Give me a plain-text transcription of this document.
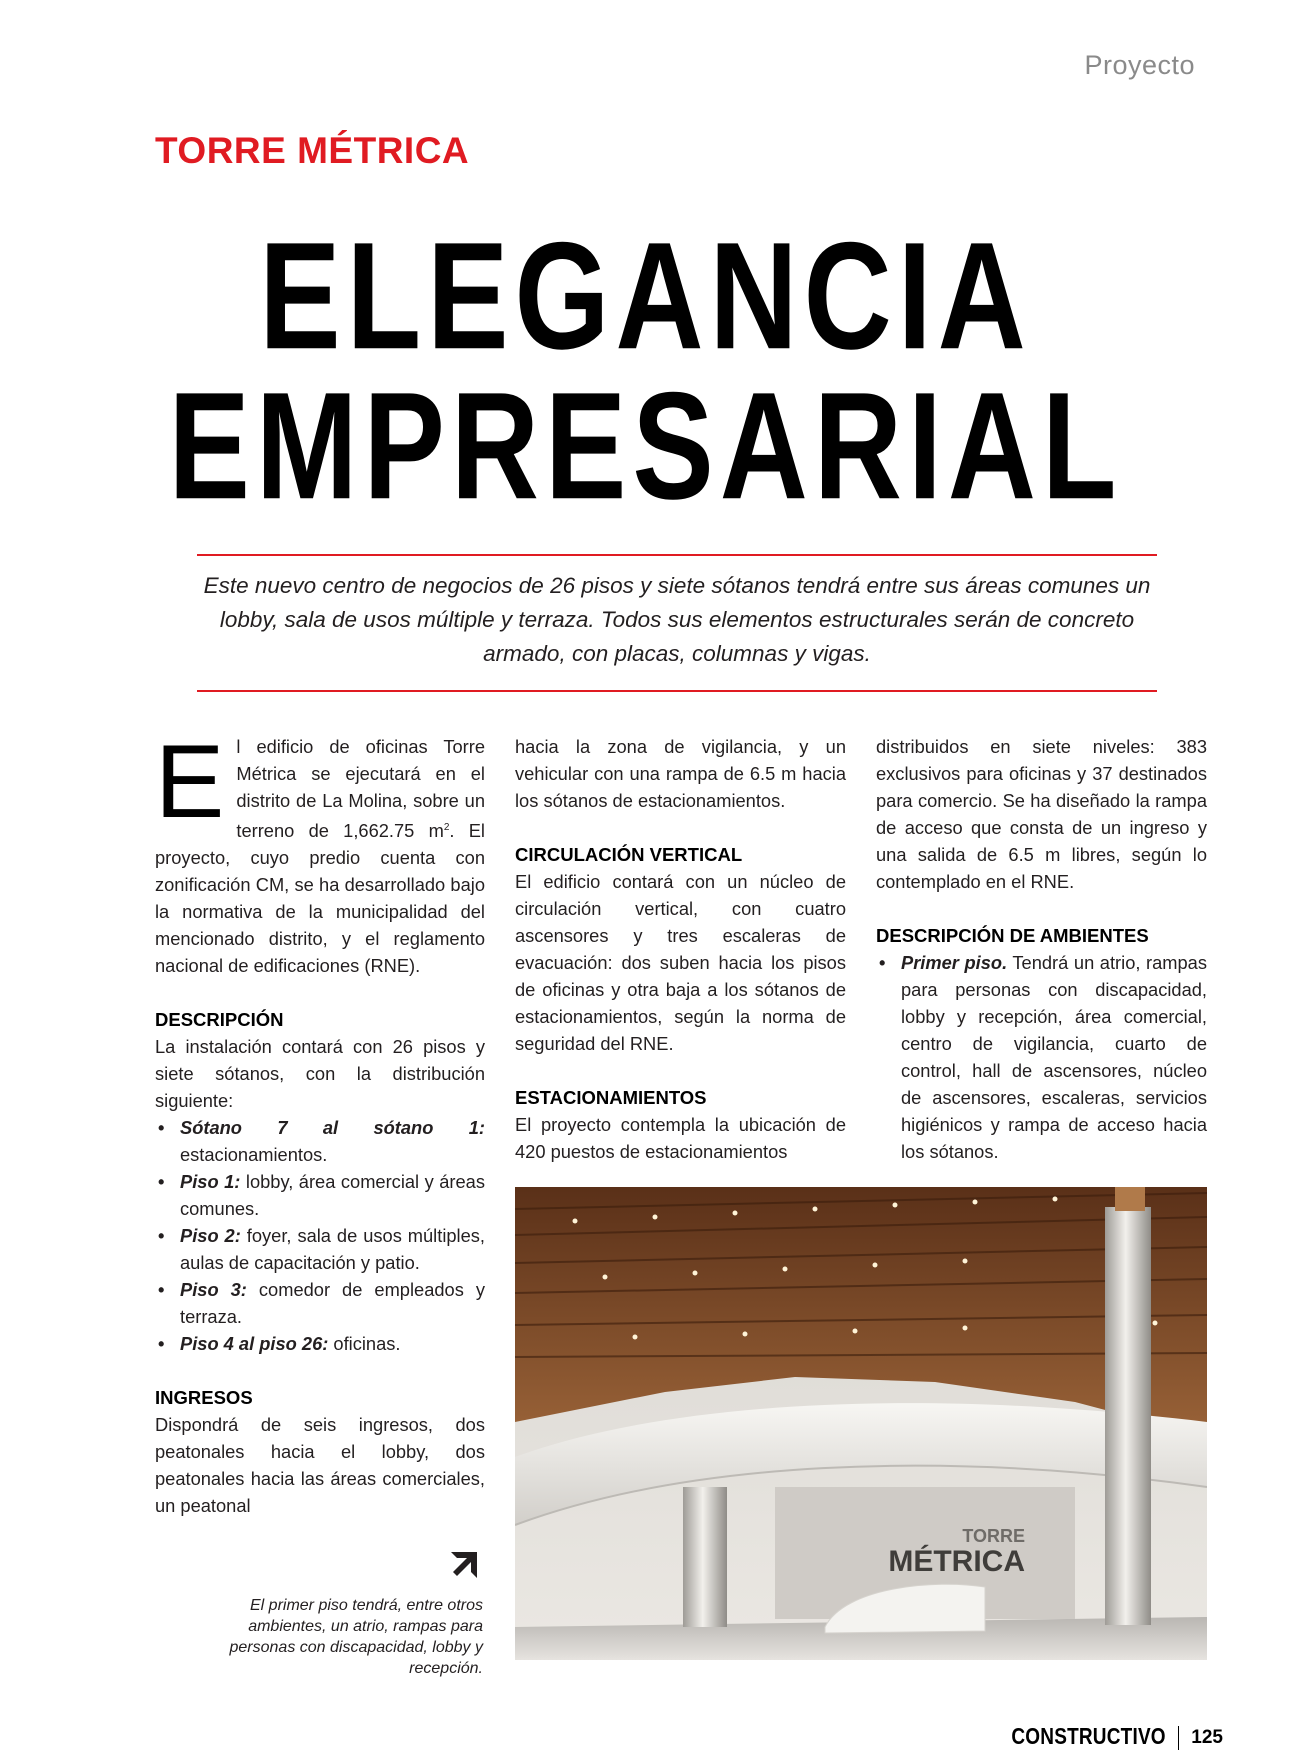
Proyecto
TORRE MÉTRICA
ELEGANCIA
EMPRESARIAL
Este nuevo centro de negocios de 26 pisos y siete sótanos tendrá entre sus áreas comunes un lobby, sala de usos múltiple y terraza. Todos sus elementos estructurales serán de concreto armado, con placas, columnas y vigas.

El edificio de oficinas Torre Métrica se ejecutará en el distrito de La Molina, sobre un terreno de 1,662.75 $m^2$. El proyecto, cuyo predio cuenta con zonificación CM, se ha desarrollado bajo la normativa de la municipalidad del mencionado distrito, y el reglamento nacional de edificaciones (RNE).

DESCRIPCIÓN

La instalación contará con 26 pisos y siete sótanos, con la distribución siguiente:

• Sótano 7 al sótano 1: estacionamientos.
• Piso 1: lobby, área comercial y áreas comunes.
• Piso 2: foyer, sala de usos múltiples, aulas de capacitación y patio.
• Piso 3: comedor de empleados y terraza.
• Piso 4 al piso 26: oficinas.
INGRESOS

Dispondrá de seis ingresos, dos peatonales hacia el lobby, dos peatonales hacia las áreas comerciales, un peatonal

hacia la zona de vigilancia, y un vehicular con una rampa de 6.5 m hacia los sótanos de estacionamientos.

CIRCULACIÓN VERTICAL

El edificio contará con un núcleo de circulación vertical, con cuatro ascensores y tres escaleras de evacuación: dos suben hacia los pisos de oficinas y otra baja a los sótanos de estacionamientos, según la norma de seguridad del RNE.

ESTACIONAMIENTOS

El proyecto contempla la ubicación de 420 puestos de estacionamientos

distribuidos en siete niveles: 383 exclusivos para oficinas y 37 destinados para comercio. Se ha diseñado la rampa de acceso que consta de un ingreso y una salida de 6.5 m libres, según lo contemplado en el RNE.

DESCRIPCIÓN DE AMBIENTES
• Primer piso. Tendrá un atrio, rampas para personas con discapacidad, lobby y recepción, área comercial, centro de vigilancia, cuarto de control, hall de ascensores, núcleo de ascensores, escaleras, servicios higiénicos y rampa de acceso hacia los sótanos.
TORRE
MÉTRICA
El primer piso tendrá, entre otros ambientes, un atrio, rampas para personas con discapacidad, lobby y recepción.
CONSTRUCTIVO 125
